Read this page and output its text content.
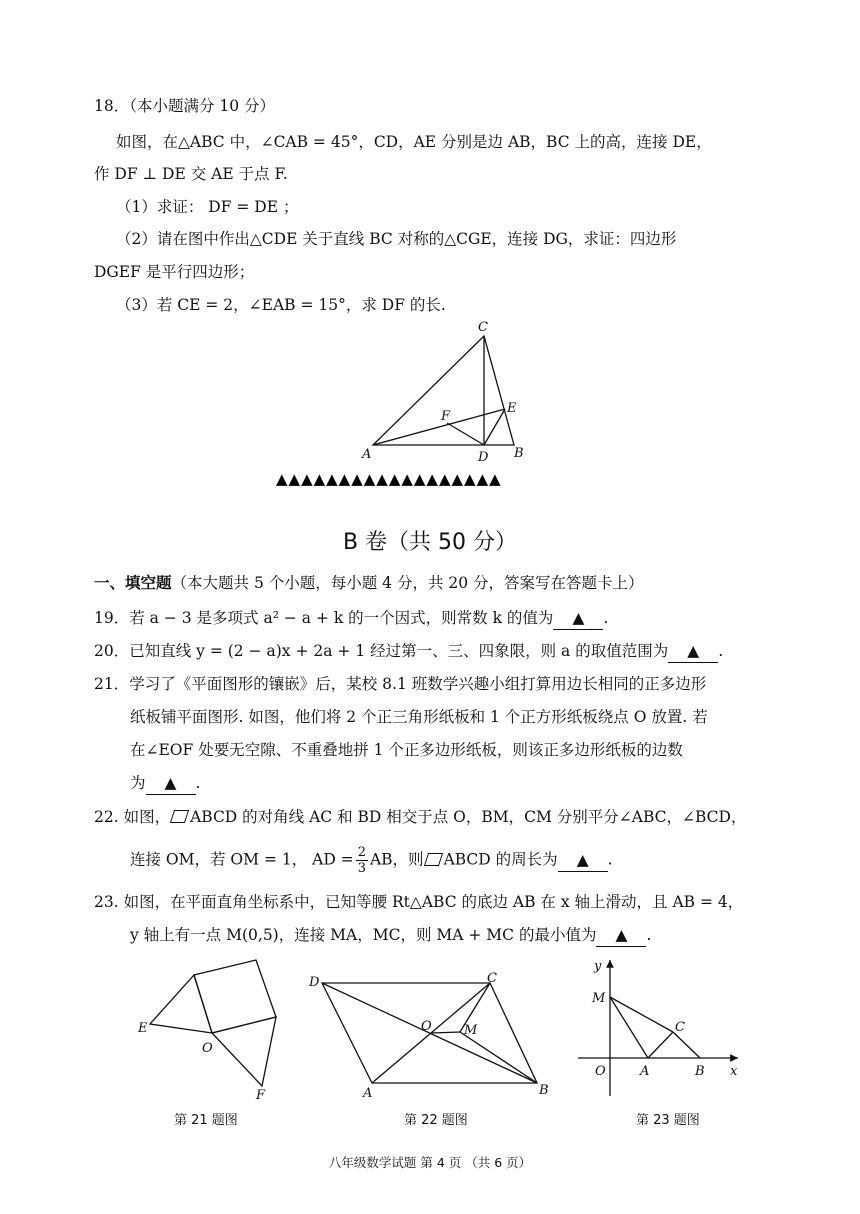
18．（本小题满分 10 分）
如图，在△ABC 中，∠CAB = 45°，CD，AE 分别是边 AB，BC 上的高，连接 DE，
作 DF ⊥ DE 交 AE 于点 F.
（1）求证： DF = DE ；
（2）请在图中作出△CDE 关于直线 BC 对称的△CGE，连接 DG，求证：四边形
DGEF 是平行四边形；
（3）若 CE = 2，∠EAB = 15°，求 DF 的长.
C
F
E
A	D B
▲▲▲▲▲▲▲▲▲▲▲▲▲▲▲▲▲▲
B 卷（共 50 分）
一、填空题（本大题共 5 个小题，每小题 4 分，共 20 分，答案写在答题卡上）
19．若 a − 3 是多项式 a² − a + k 的一个因式，则常数 k 的值为 ▲ .
20．已知直线 y = (2 − a)x + 2a + 1 经过第一、三、四象限，则 a 的取值范围为 ▲ .
21．学习了《平面图形的镶嵌》后，某校 8.1 班数学兴趣小组打算用边长相同的正多边形
纸板铺平面图形. 如图，他们将 2 个正三角形纸板和 1 个正方形纸板绕点 O 放置. 若
在∠EOF 处要无空隙、不重叠地拼 1 个正多边形纸板，则该正多边形纸板的边数
为 ▲ .
22. 如图， ABCD 的对角线 AC 和 BD 相交于点 O，BM，CM 分别平分∠ABC，∠BCD，
连接 OM，若 OM = 1， AD = $\frac{2}{3}$ AB，则 ABCD 的周长为 ▲ .
23. 如图，在平面直角坐标系中，已知等腰 Rt△ABC 的底边 AB 在 x 轴上滑动，且 AB = 4，
y 轴上有一点 M(0,5)，连接 MA，MC，则 MA + MC 的最小值为 ▲ .
E
O
F
第 21 题图
D	C
O M
A	B
第 22 题图
y
M
C
O	A	B x
第 23 题图
八年级数学试题 第 4 页 （共 6 页）
